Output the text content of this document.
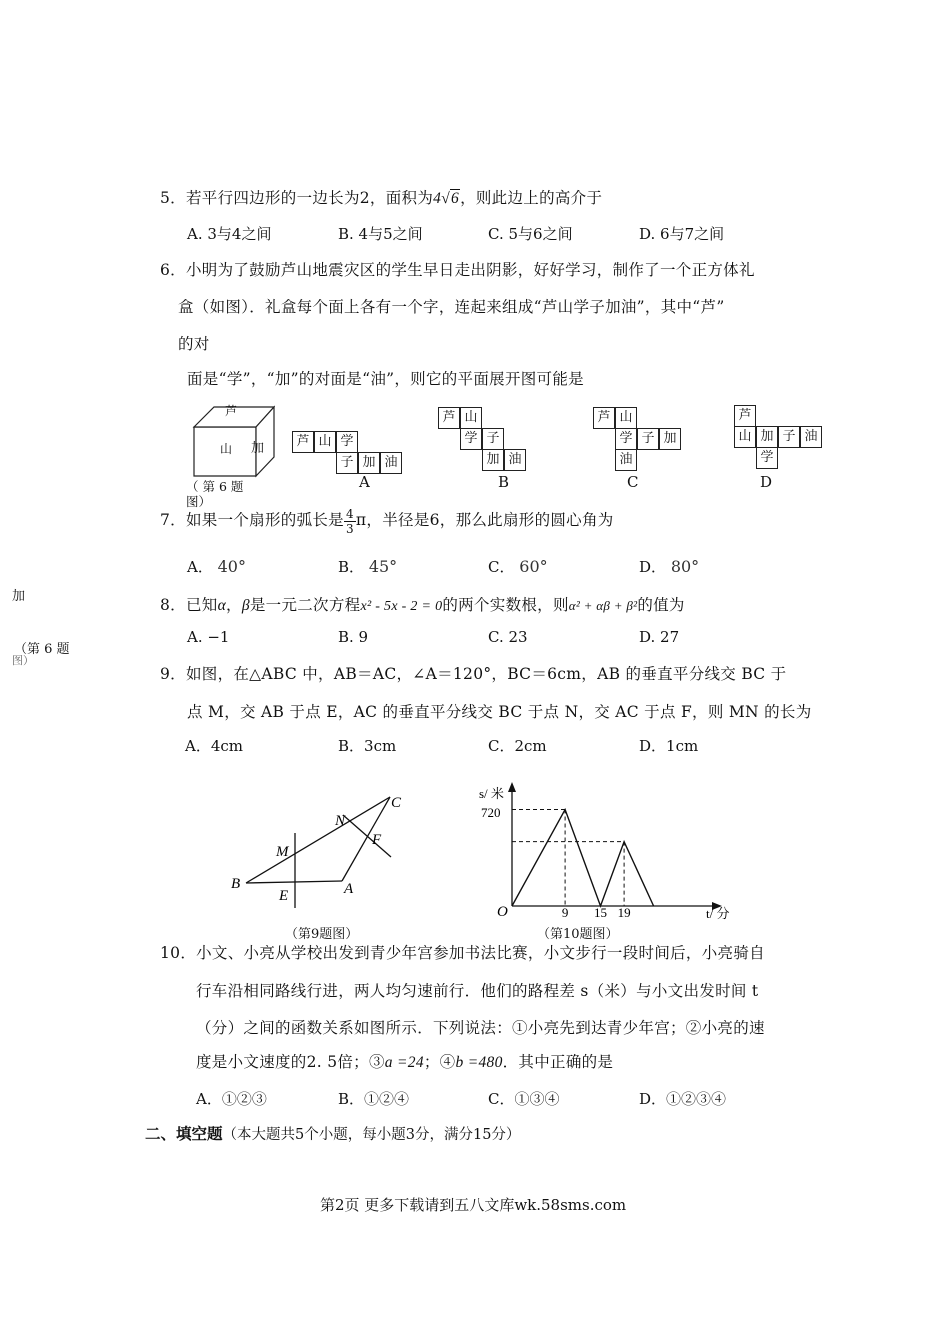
5．若平行四边形的一边长为2，面积为4√6，则此边上的高介于
A. 3与4之间	B. 4与5之间	C. 5与6之间	D. 6与7之间
6．小明为了鼓励芦山地震灾区的学生早日走出阴影，好好学习，制作了一个正方体礼
盒（如图）．礼盒每个面上各有一个字，连起来组成“芦山学子加油”，其中“芦”
的对
面是“学”，“加”的对面是“油”，则它的平面展开图可能是
芦
山 加
（ 第 6 题
图）
芦 山 学
子 加 油
A
芦 山
学 子
加 油
B
芦 山
学 子 加
油
C
芦
山 加 子 油
学
D
7．如果一个扇形的弧长是 $\frac{4}{3}$ π，半径是6，那么此扇形的圆心角为
A． 40°	B． 45°	C． 60°	D． 80°
加
（第 6 题
图）
8．已知α，β是一元二次方程x² - 5x - 2 = 0的两个实数根，则α² + αβ + β²的值为
A. −1	B. 9	C. 23	D. 27
9．如图，在△ABC 中，AB＝AC，∠A＝120°，BC＝6cm，AB 的垂直平分线交 BC 于
点 M，交 AB 于点 E，AC 的垂直平分线交 BC 于点 N，交 AC 于点 F，则 MN 的长为
A．4cm	B．3cm	C．2cm	D．1cm
B
E	A
M
N
F
C
（第9题图）
s/ 米
720
O	t/ 分
9 15 19
（第10题图）
10．小文、小亮从学校出发到青少年宫参加书法比赛，小文步行一段时间后，小亮骑自
行车沿相同路线行进，两人均匀速前行．他们的路程差 s（米）与小文出发时间 t
（分）之间的函数关系如图所示．下列说法：①小亮先到达青少年宫；②小亮的速
度是小文速度的2. 5倍；③a =24；④b =480．其中正确的是
A．①②③	B．①②④	C．①③④	D．①②③④
二、填空题（本大题共5个小题，每小题3分，满分15分）
第2页 更多下载请到五八文库wk.58sms.com
